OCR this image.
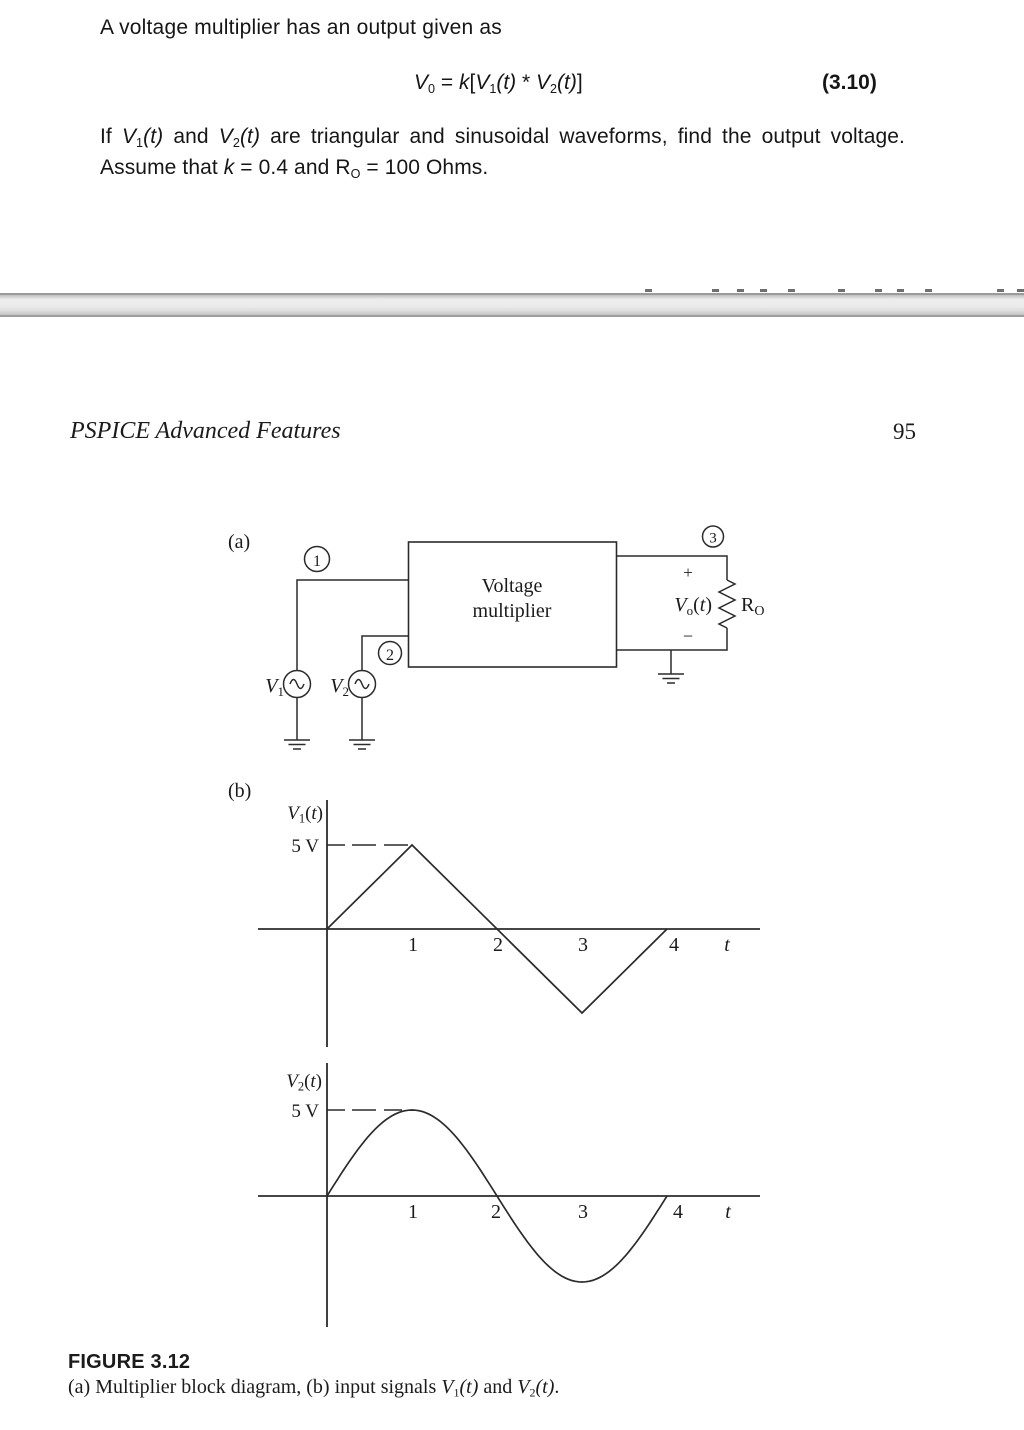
A voltage multiplier has an output given as
$V_0 = k[V_1(t) * V_2(t)]$	(3.10)
If $V_1(t)$ and $V_2(t)$ are triangular and sinusoidal waveforms, find the output voltage. Assume that k = 0.4 and $R_O = 100$ Ohms.
PSPICE Advanced Features	95
(a)
1
2
$V_1$ $V_2$
Voltage
multiplier
3
+
−
$V_o(t)$ $R_O$
(b)
V1(t)
5 V
1	2	3	4 t
V2(t)
5 V
1	2	3	4 t
FIGURE 3.12
(a) Multiplier block diagram, (b) input signals $V_1(t)$ and $V_2(t)$.
